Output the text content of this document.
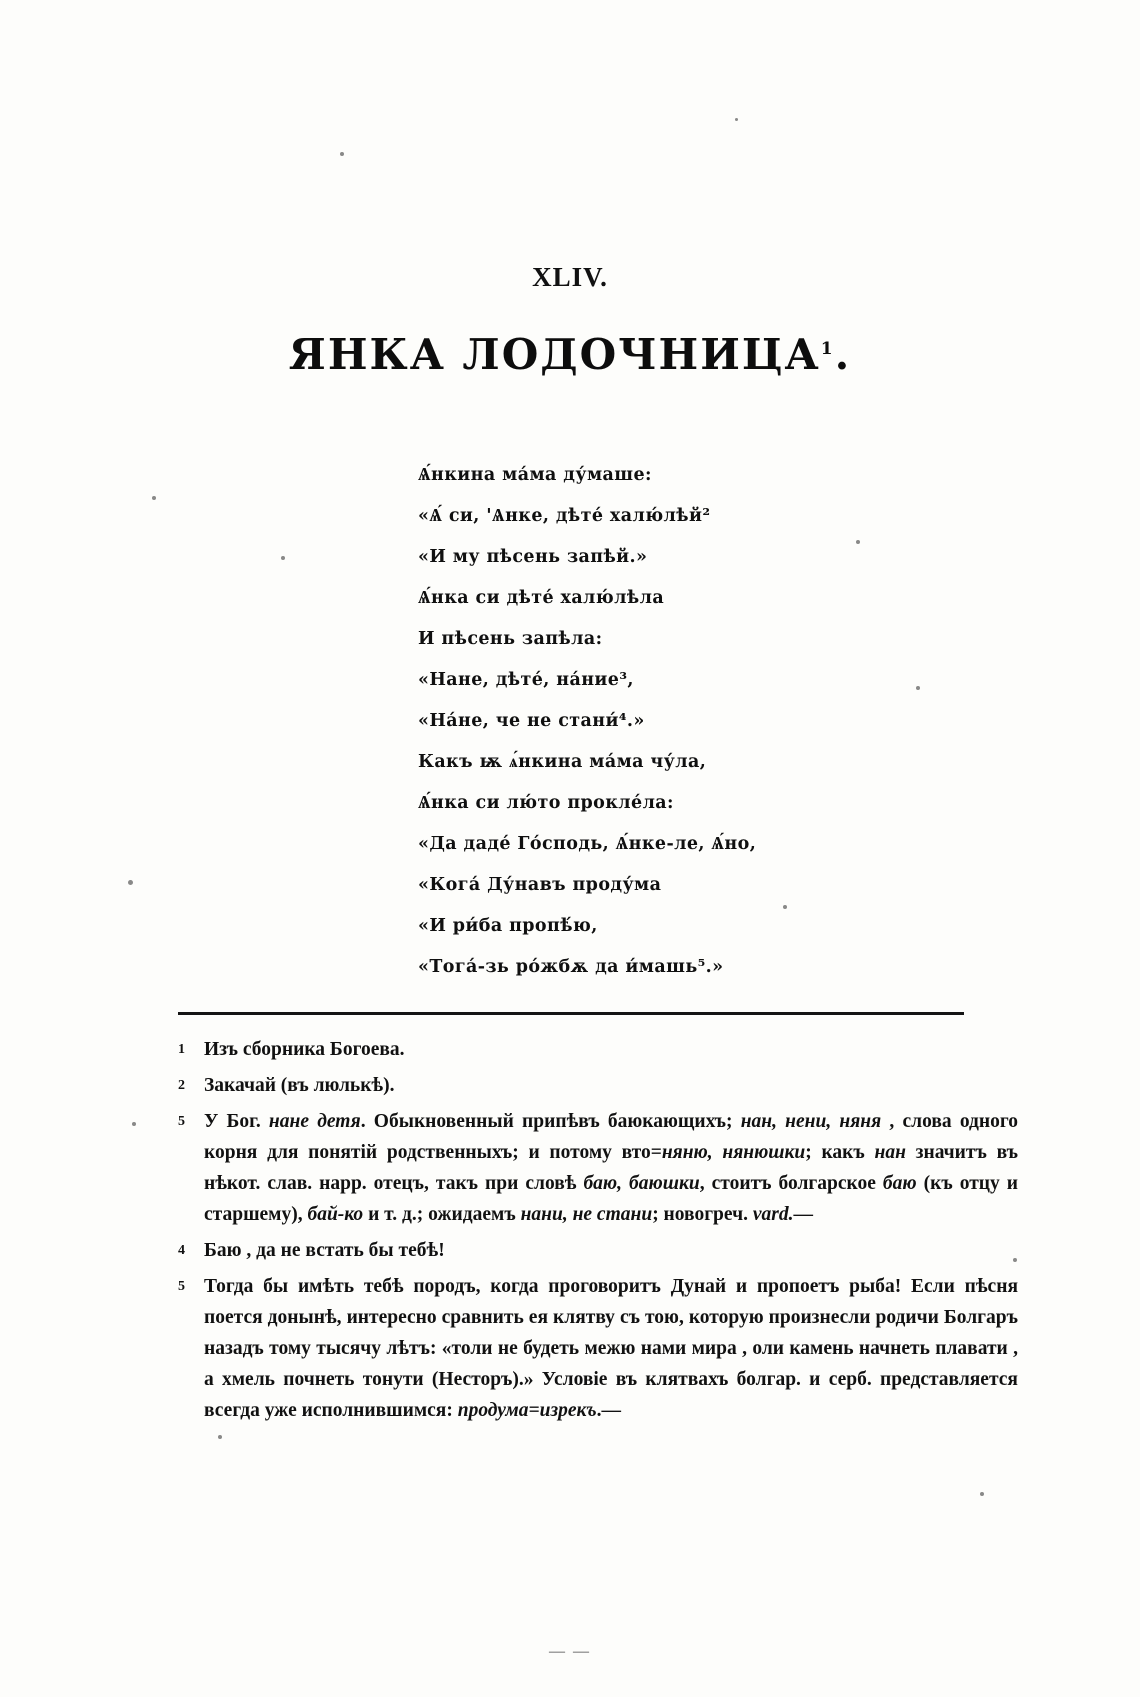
XLIV.
ЯНКА ЛОДОЧНИЦА$^1$.
Ѧ́нкина ма́ма ду́маше:
«Ѧ́ си, 'Ѧнке, дѣте́ халю́лѣй²
«И му пѣсень запѣй.»
Ѧ́нка си дѣте́ халю́лѣла
И пѣсень запѣла:
«Нане, дѣте́, на́ние³,
«На́нe, че не стани́⁴.»
Какъ ѭ ѧ́нкина ма́ма чу́ла,
Ѧ́нка си лю́то прокле́ла:
«Да даде́ Го́сподь, Ѧ́нке-ле, Ѧ́но,
«Кога́ Ду́навъ проду́ма
«И ри́ба пропѣ́ю,
«Тога́-зь ро́жбѫ да и́машь⁵.»
1 Изъ сборника Богоева.
2 Закачай (въ люлькѣ).
5 У Бог. нане детя. Обыкновенный припѣвъ баюкающихъ; нан, нени, няня , слова одного корня для понятій родственныхъ; и потому вто=няню, нянюшки; какъ нан значитъ въ нѣкот. слав. нарр. отецъ, такъ при словѣ баю, баюшки, стоитъ болгарское баю (къ отцу и старшему), бай-ко и т. д.; ожидаемъ нани, не стани; новогреч. vard.—
4 Баю , да не встать бы тебѣ!
5 Тогда бы имѣть тебѣ породъ, когда проговоритъ Дунай и пропоетъ рыба! Если пѣсня поется донынѣ, интересно сравнить ея клятву съ тою, которую произнесли родичи Болгаръ назадъ тому тысячу лѣтъ: «толи не будеть межю нами мира , оли камень начнеть плавати , а хмель почнеть тонути (Несторъ).» Условіе въ клятвахъ болгар. и серб. представляется всегда уже исполнившимся: продума=изрекъ.—
— —
